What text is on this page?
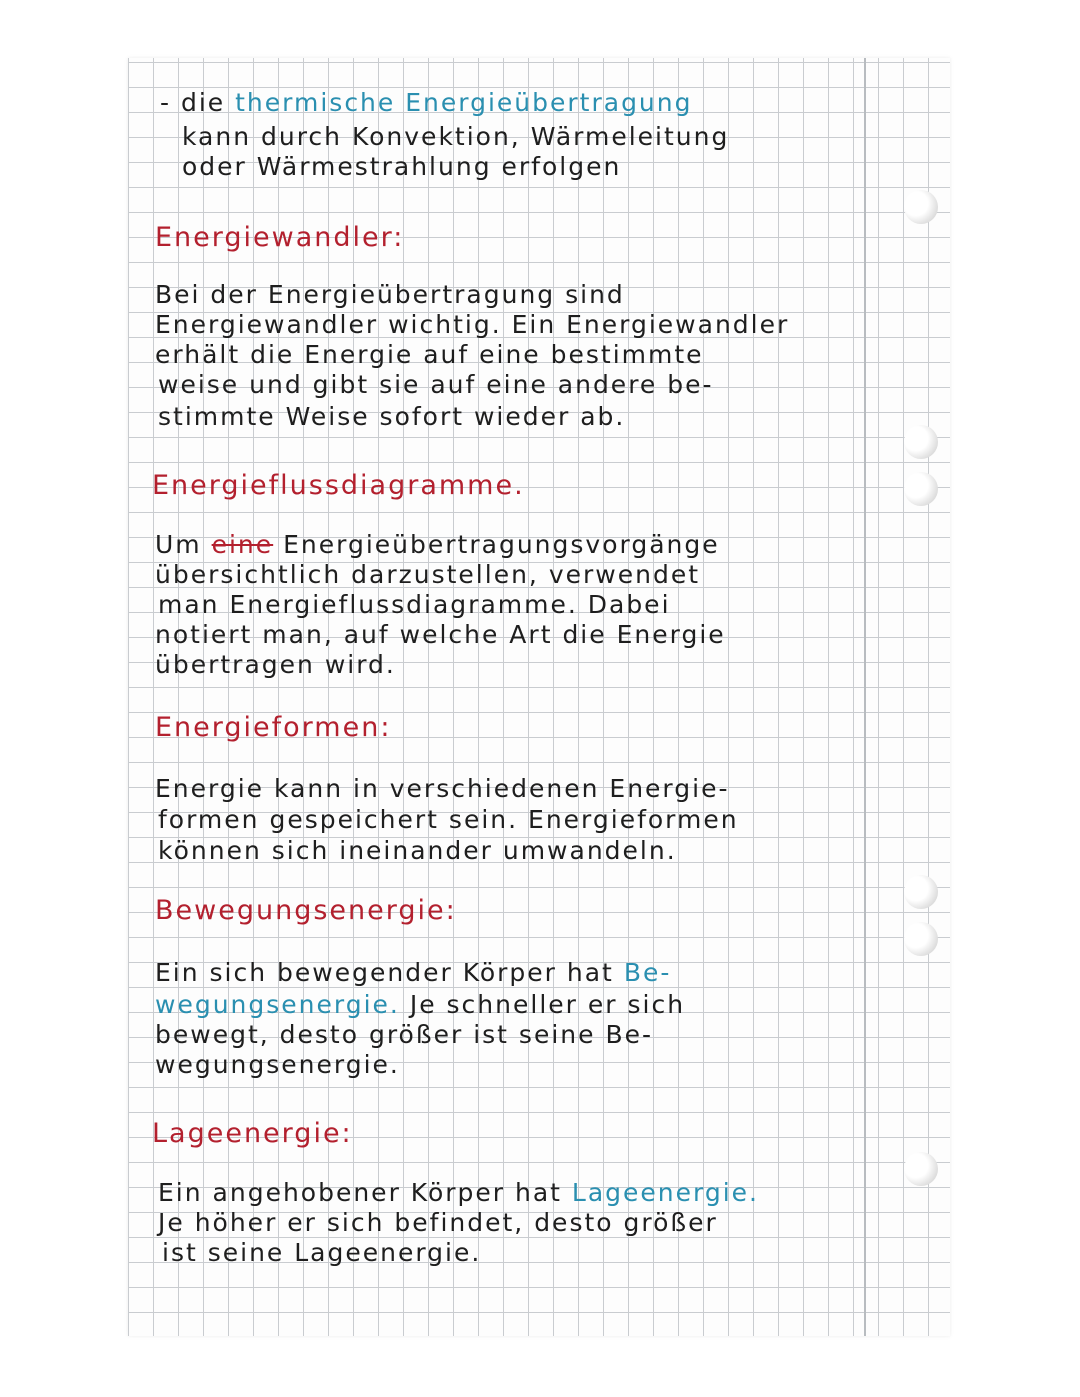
- die thermische Energieübertragung
kann durch Konvektion, Wärmeleitung
oder Wärmestrahlung erfolgen
Energiewandler:
Bei der Energieübertragung sind
Energiewandler wichtig. Ein Energiewandler
erhält die Energie auf eine bestimmte
weise und gibt sie auf eine andere be-
stimmte Weise sofort wieder ab.
Energieflussdiagramme.
Um eine Energieübertragungsvorgänge
übersichtlich darzustellen, verwendet
man Energieflussdiagramme. Dabei
notiert man, auf welche Art die Energie
übertragen wird.
Energieformen:
Energie kann in verschiedenen Energie-
formen gespeichert sein. Energieformen
können sich ineinander umwandeln.
Bewegungsenergie:
Ein sich bewegender Körper hat Be-
wegungsenergie. Je schneller er sich
bewegt, desto größer ist seine Be-
wegungsenergie.
Lageenergie:
Ein angehobener Körper hat Lageenergie.
Je höher er sich befindet, desto größer
ist seine Lageenergie.
